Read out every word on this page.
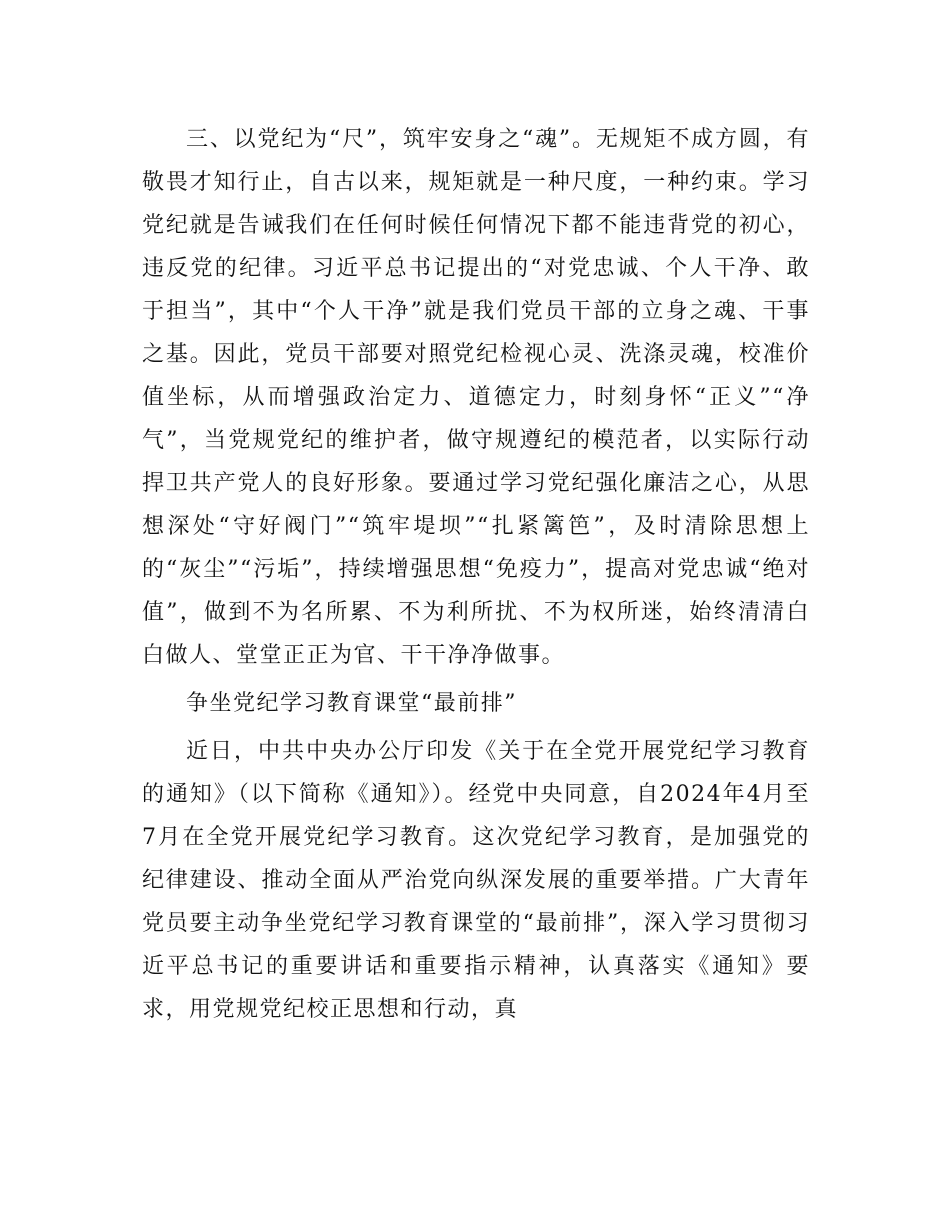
三、以党纪为“尺”，筑牢安身之“魂”。无规矩不成方圆，有敬畏才知行止，自古以来，规矩就是一种尺度，一种约束。学习党纪就是告诫我们在任何时候任何情况下都不能违背党的初心，违反党的纪律。习近平总书记提出的“对党忠诚、个人干净、敢于担当”，其中“个人干净”就是我们党员干部的立身之魂、干事之基。因此，党员干部要对照党纪检视心灵、洗涤灵魂，校准价值坐标，从而增强政治定力、道德定力，时刻身怀“正义”“净气”，当党规党纪的维护者，做守规遵纪的模范者，以实际行动捍卫共产党人的良好形象。要通过学习党纪强化廉洁之心，从思想深处“守好阀门”“筑牢堤坝”“扎紧篱笆”，及时清除思想上的“灰尘”“污垢”，持续增强思想“免疫力”，提高对党忠诚“绝对值”，做到不为名所累、不为利所扰、不为权所迷，始终清清白白做人、堂堂正正为官、干干净净做事。

争坐党纪学习教育课堂“最前排”

近日，中共中央办公厅印发《关于在全党开展党纪学习教育的通知》（以下简称《通知》）。经党中央同意，自2024年4月至7月在全党开展党纪学习教育。这次党纪学习教育，是加强党的纪律建设、推动全面从严治党向纵深发展的重要举措。广大青年党员要主动争坐党纪学习教育课堂的“最前排”，深入学习贯彻习近平总书记的重要讲话和重要指示精神，认真落实《通知》要求，用党规党纪校正思想和行动，真
